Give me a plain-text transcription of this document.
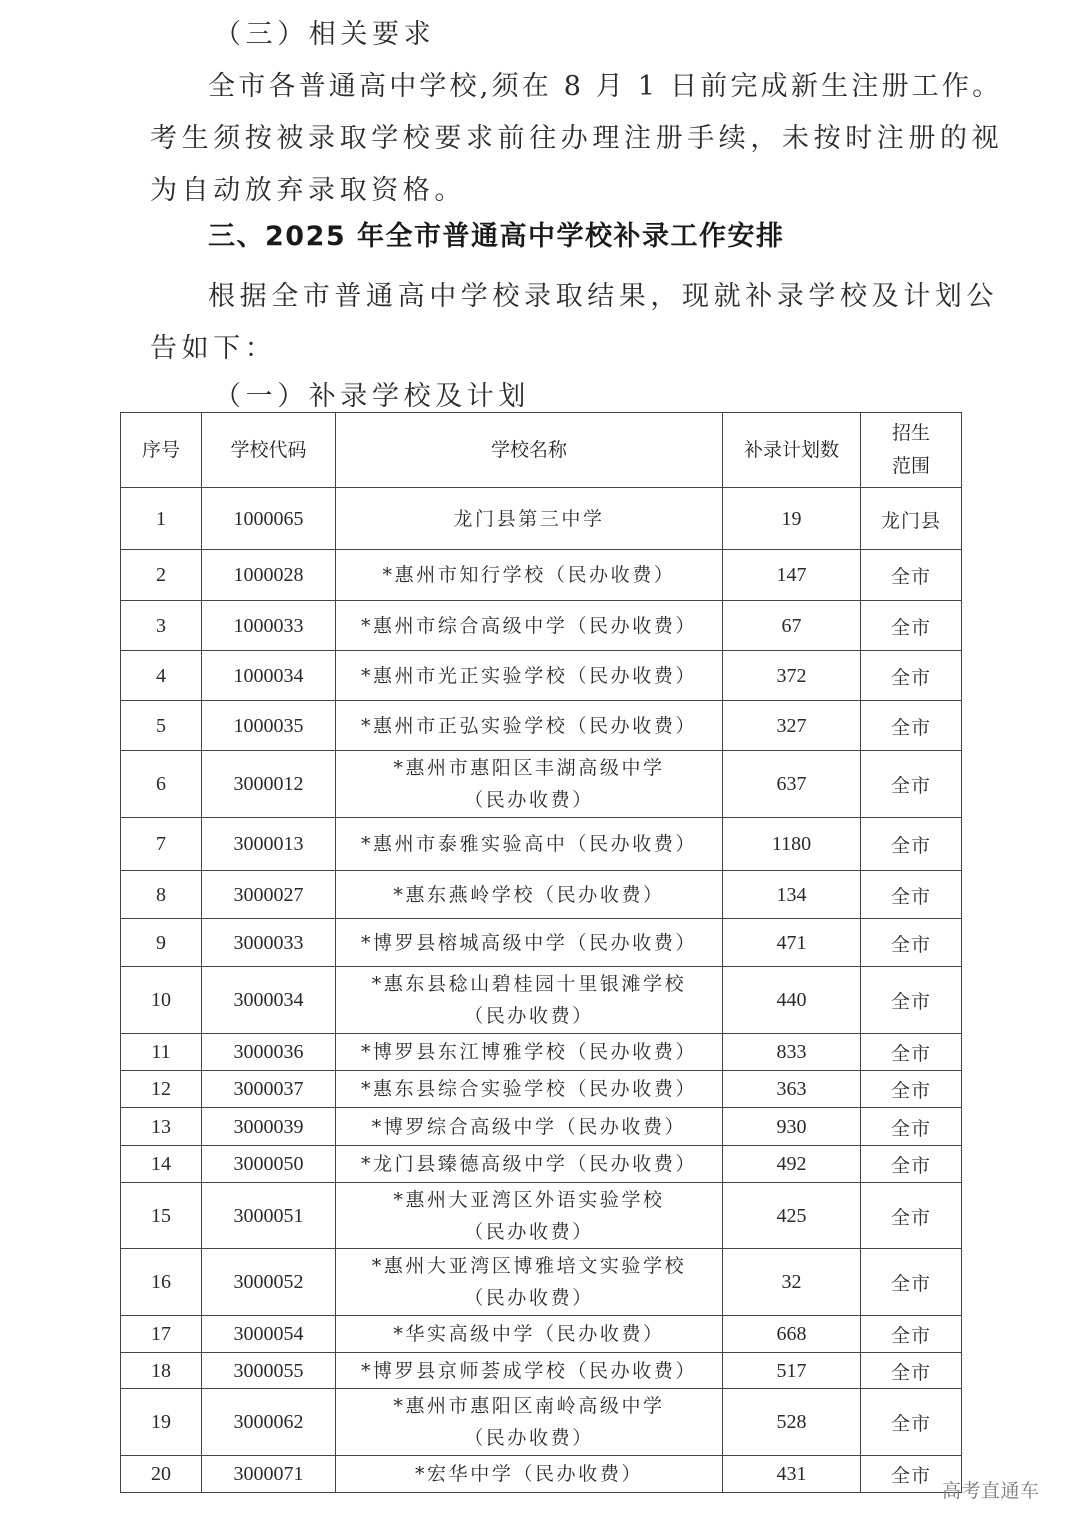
（三）相关要求
全市各普通高中学校,须在 8 月 1 日前完成新生注册工作。
考生须按被录取学校要求前往办理注册手续，未按时注册的视
为自动放弃录取资格。
三、2025 年全市普通高中学校补录工作安排
根据全市普通高中学校录取结果，现就补录学校及计划公
告如下：
（一）补录学校及计划
序号	学校代码	学校名称	补录计划数	招生
范围

1	1000065	龙门县第三中学	19	龙门县
2	1000028	*惠州市知行学校（民办收费）	147	全市
3	1000033	*惠州市综合高级中学（民办收费）	67	全市
4	1000034	*惠州市光正实验学校（民办收费）	372	全市
5	1000035	*惠州市正弘实验学校（民办收费）	327	全市
6	3000012	*惠州市惠阳区丰湖高级中学
（民办收费）	637	全市
7	3000013	*惠州市泰雅实验高中（民办收费）	1180	全市
8	3000027	*惠东燕岭学校（民办收费）	134	全市
9	3000033	*博罗县榕城高级中学（民办收费）	471	全市
10	3000034	*惠东县稔山碧桂园十里银滩学校
（民办收费）	440	全市
11	3000036	*博罗县东江博雅学校（民办收费）	833	全市
12	3000037	*惠东县综合实验学校（民办收费）	363	全市
13	3000039	*博罗综合高级中学（民办收费）	930	全市
14	3000050	*龙门县臻德高级中学（民办收费）	492	全市
15	3000051	*惠州大亚湾区外语实验学校
（民办收费）	425	全市
16	3000052	*惠州大亚湾区博雅培文实验学校
（民办收费）	32	全市
17	3000054	*华实高级中学（民办收费）	668	全市
18	3000055	*博罗县京师荟成学校（民办收费）	517	全市
19	3000062	*惠州市惠阳区南岭高级中学
（民办收费）	528	全市
20	3000071	*宏华中学（民办收费）	431	全市
高考直通车
